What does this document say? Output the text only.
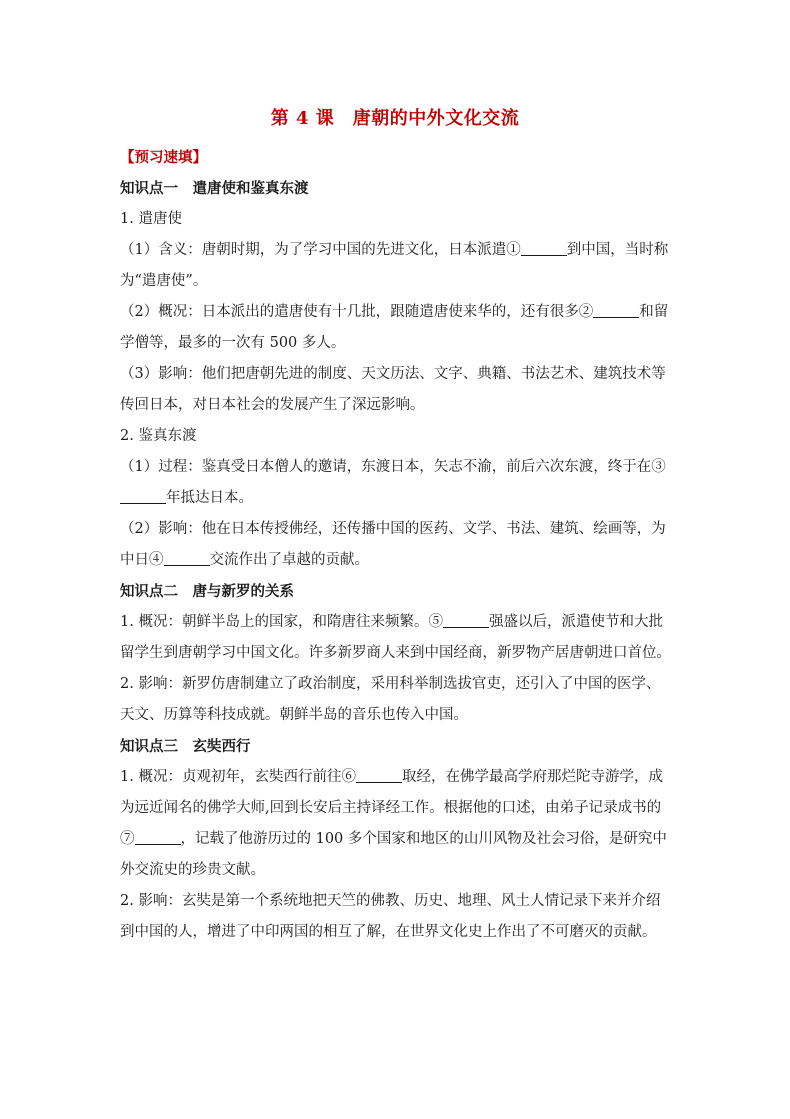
第 4 课　唐朝的中外文化交流

【预习速填】

知识点一　遣唐使和鉴真东渡

1. 遣唐使

（1）含义：唐朝时期，为了学习中国的先进文化，日本派遣①	到中国，当时称为“遣唐使”。

（2）概况：日本派出的遣唐使有十几批，跟随遣唐使来华的，还有很多②	和留学僧等，最多的一次有 500 多人。

（3）影响：他们把唐朝先进的制度、天文历法、文字、典籍、书法艺术、建筑技术等传回日本，对日本社会的发展产生了深远影响。

2. 鉴真东渡

（1）过程：鉴真受日本僧人的邀请，东渡日本，矢志不渝，前后六次东渡，终于在③年抵达日本。

（2）影响：他在日本传授佛经，还传播中国的医药、文学、书法、建筑、绘画等，为中日④	交流作出了卓越的贡献。

知识点二　唐与新罗的关系

1. 概况：朝鲜半岛上的国家，和隋唐往来频繁。⑤	强盛以后，派遣使节和大批留学生到唐朝学习中国文化。许多新罗商人来到中国经商，新罗物产居唐朝进口首位。

2. 影响：新罗仿唐制建立了政治制度，采用科举制选拔官吏，还引入了中国的医学、天文、历算等科技成就。朝鲜半岛的音乐也传入中国。

知识点三　玄奘西行

1. 概况：贞观初年，玄奘西行前往⑥	取经，在佛学最高学府那烂陀寺游学，成为远近闻名的佛学大师,回到长安后主持译经工作。根据他的口述，由弟子记录成书的⑦	，记载了他游历过的 100 多个国家和地区的山川风物及社会习俗，是研究中外交流史的珍贵文献。

2. 影响：玄奘是第一个系统地把天竺的佛教、历史、地理、风土人情记录下来并介绍到中国的人，增进了中印两国的相互了解，在世界文化史上作出了不可磨灭的贡献。
